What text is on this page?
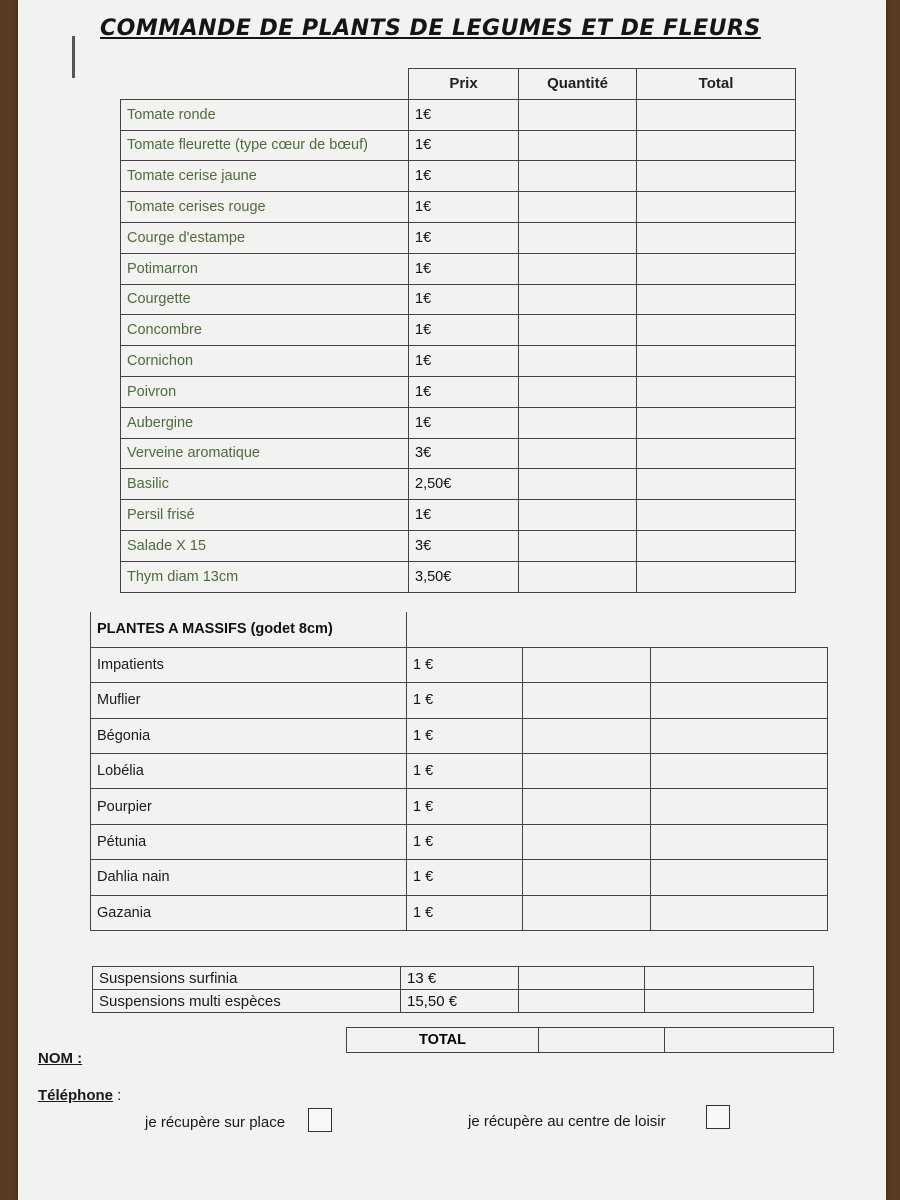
COMMANDE DE PLANTS DE LEGUMES ET DE FLEURS
	Prix	Quantité	Total
Tomate ronde	1€		
Tomate fleurette (type cœur de bœuf)	1€		
Tomate cerise jaune	1€		
Tomate cerises rouge	1€		
Courge d'estampe	1€		
Potimarron	1€		
Courgette	1€		
Concombre	1€		
Cornichon	1€		
Poivron	1€		
Aubergine	1€		
Verveine aromatique	3€		
Basilic	2,50€		
Persil frisé	1€		
Salade X 15	3€		
Thym diam 13cm	3,50€		
PLANTES A MASSIFS (godet 8cm)			
Impatients	1 €		
Muflier	1 €		
Bégonia	1 €		
Lobélia	1 €		
Pourpier	1 €		
Pétunia	1 €		
Dahlia nain	1 €		
Gazania	1 €		
Suspensions surfinia	13 €		
Suspensions multi espèces	15,50 €		
TOTAL		
NOM :
Téléphone :
je récupère sur place	je récupère au centre de loisir
